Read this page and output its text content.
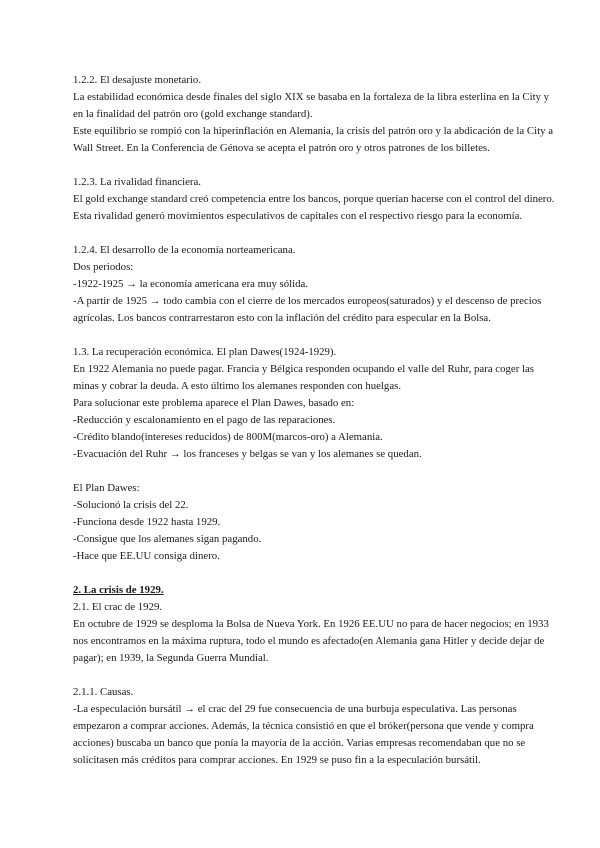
1.2.2. El desajuste monetario.
La estabilidad económica desde finales del siglo XIX se basaba en la fortaleza de la libra esterlina en la City y en la finalidad del patrón oro (gold exchange standard).
Este equilibrio se rompió con la hiperinflación en Alemania, la crisis del patrón oro y la abdicación de la City a Wall Street. En la Conferencia de Génova se acepta el patrón oro y otros patrones de los billetes.
1.2.3. La rivalidad financiera.
El gold exchange standard creó competencia entre los bancos, porque querían hacerse con el control del dinero. Esta rivalidad generó movimientos especulativos de capitales con el respectivo riesgo para la economía.
1.2.4. El desarrollo de la economía norteamericana.
Dos periodos:
-1922-1925 → la economía americana era muy sólida.
-A partir de 1925 → todo cambia con el cierre de los mercados europeos(saturados) y el descenso de precios agrícolas. Los bancos contrarrestaron esto con la inflación del crédito para especular en la Bolsa.
1.3. La recuperación económica. El plan Dawes(1924-1929).
En 1922 Alemania no puede pagar. Francia y Bélgica responden ocupando el valle del Ruhr, para coger las minas y cobrar la deuda. A esto último los alemanes responden con huelgas.
Para solucionar este problema aparece el Plan Dawes, basado en:
-Reducción y escalonamiento en el pago de las reparaciones.
-Crédito blando(intereses reducidos) de 800M(marcos-oro) a Alemania.
-Evacuación del Ruhr → los franceses y belgas se van y los alemanes se quedan.
El Plan Dawes:
-Solucionó la crisis del 22.
-Funciona desde 1922 hasta 1929.
-Consigue que los alemanes sigan pagando.
-Hace que EE.UU consiga dinero.
2. La crisis de 1929.
2.1. El crac de 1929.
En octubre de 1929 se desploma la Bolsa de Nueva York. En 1926 EE.UU no para de hacer negocios; en 1933 nos encontramos en la máxima ruptura, todo el mundo es afectado(en Alemania gana Hitler y decide dejar de pagar); en 1939, la Segunda Guerra Mundial.
2.1.1. Causas.
-La especulación bursátil → el crac del 29 fue consecuencia de una burbuja especulativa. Las personas empezaron a comprar acciones. Además, la técnica consistió en que el bróker(persona que vende y compra acciones) buscaba un banco que ponía la mayoría de la acción. Varias empresas recomendaban que no se solicitasen más créditos para comprar acciones. En 1929 se puso fin a la especulación bursátil.
